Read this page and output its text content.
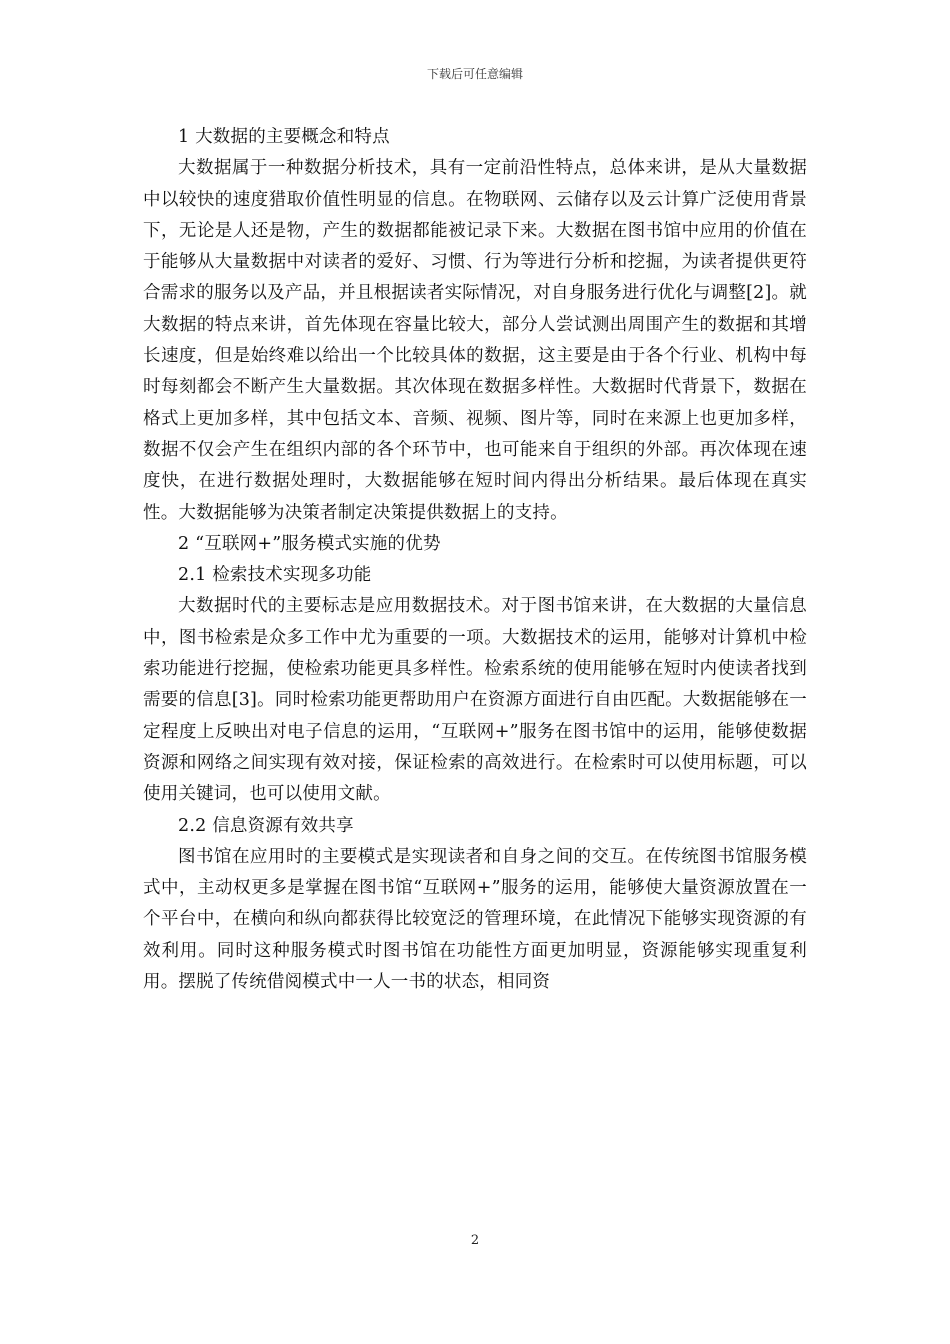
下载后可任意编辑

1 大数据的主要概念和特点

大数据属于一种数据分析技术，具有一定前沿性特点，总体来讲，是从大量数据中以较快的速度猎取价值性明显的信息。在物联网、云储存以及云计算广泛使用背景下，无论是人还是物，产生的数据都能被记录下来。大数据在图书馆中应用的价值在于能够从大量数据中对读者的爱好、习惯、行为等进行分析和挖掘，为读者提供更符合需求的服务以及产品，并且根据读者实际情况，对自身服务进行优化与调整[2]。就大数据的特点来讲，首先体现在容量比较大，部分人尝试测出周围产生的数据和其增长速度，但是始终难以给出一个比较具体的数据，这主要是由于各个行业、机构中每时每刻都会不断产生大量数据。其次体现在数据多样性。大数据时代背景下，数据在格式上更加多样，其中包括文本、音频、视频、图片等，同时在来源上也更加多样，数据不仅会产生在组织内部的各个环节中，也可能来自于组织的外部。再次体现在速度快，在进行数据处理时，大数据能够在短时间内得出分析结果。最后体现在真实性。大数据能够为决策者制定决策提供数据上的支持。

2 “互联网+”服务模式实施的优势

2.1 检索技术实现多功能

大数据时代的主要标志是应用数据技术。对于图书馆来讲，在大数据的大量信息中，图书检索是众多工作中尤为重要的一项。大数据技术的运用，能够对计算机中检索功能进行挖掘，使检索功能更具多样性。检索系统的使用能够在短时内使读者找到需要的信息[3]。同时检索功能更帮助用户在资源方面进行自由匹配。大数据能够在一定程度上反映出对电子信息的运用，“互联网+”服务在图书馆中的运用，能够使数据资源和网络之间实现有效对接，保证检索的高效进行。在检索时可以使用标题，可以使用关键词，也可以使用文献。

2.2 信息资源有效共享

图书馆在应用时的主要模式是实现读者和自身之间的交互。在传统图书馆服务模式中，主动权更多是掌握在图书馆“互联网+”服务的运用，能够使大量资源放置在一个平台中，在横向和纵向都获得比较宽泛的管理环境，在此情况下能够实现资源的有效利用。同时这种服务模式时图书馆在功能性方面更加明显，资源能够实现重复利用。摆脱了传统借阅模式中一人一书的状态，相同资

2
